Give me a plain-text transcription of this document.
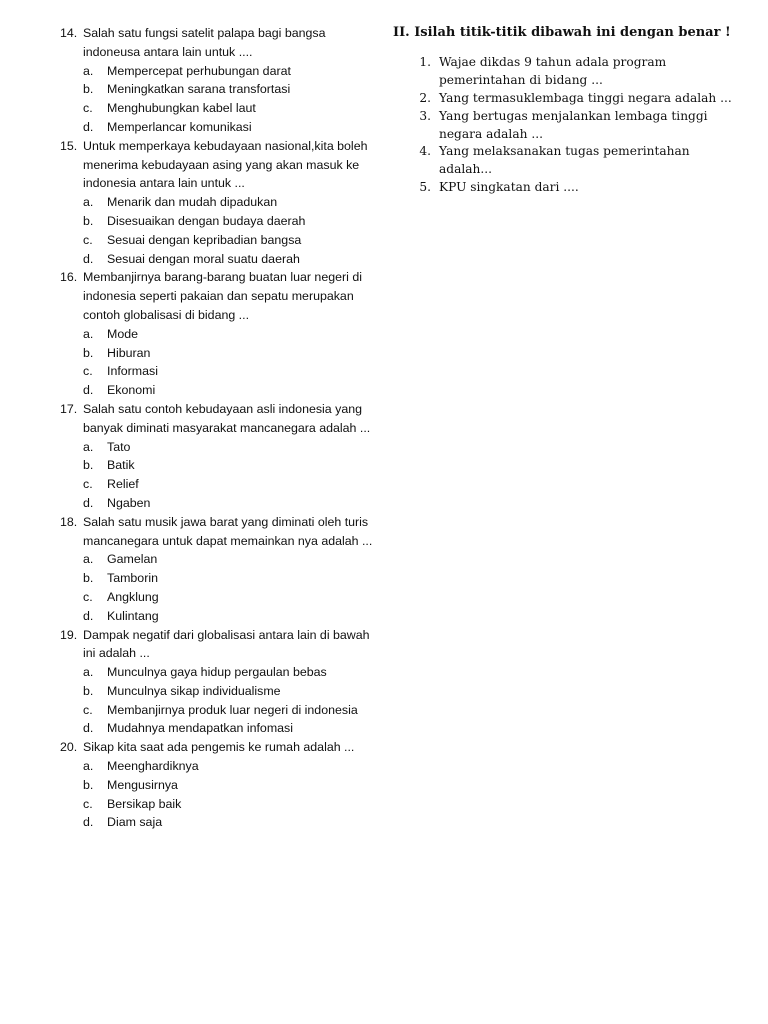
14. Salah satu fungsi satelit palapa bagi bangsa indoneusa antara lain untuk ....
a.	Mempercepat perhubungan darat
b.	Meningkatkan sarana transfortasi
c.	Menghubungkan kabel laut
d.	Memperlancar komunikasi
15. Untuk memperkaya kebudayaan nasional,kita boleh menerima kebudayaan asing yang akan masuk ke indonesia antara lain untuk ...
a.	Menarik dan mudah dipadukan
b.	Disesuaikan dengan budaya daerah
c.	Sesuai dengan kepribadian bangsa
d.	Sesuai dengan moral suatu daerah
16. Membanjirnya barang-barang buatan luar negeri di indonesia seperti pakaian dan sepatu merupakan contoh globalisasi di bidang ...
a.	Mode
b.	Hiburan
c.	Informasi
d.	Ekonomi
17. Salah satu contoh kebudayaan asli indonesia yang banyak diminati masyarakat mancanegara adalah ...
a.	Tato
b.	Batik
c.	Relief
d.	Ngaben
18. Salah satu musik jawa barat yang diminati oleh turis mancanegara untuk dapat memainkan nya adalah ...
a.	Gamelan
b.	Tamborin
c.	Angklung
d.	Kulintang
19. Dampak negatif dari globalisasi antara lain di bawah ini adalah ...
a.	Munculnya gaya hidup pergaulan bebas
b.	Munculnya sikap individualisme
c.	Membanjirnya produk luar negeri di indonesia
d.	Mudahnya mendapatkan infomasi
20. Sikap kita saat ada pengemis ke rumah adalah ...
a.	Meenghardiknya
b.	Mengusirnya
c.	Bersikap baik
d.	Diam saja
II. Isilah titik-titik dibawah ini dengan benar !
1. Wajae dikdas 9 tahun adala program pemerintahan di bidang ...
2. Yang termasuklembaga tinggi negara adalah ...
3. Yang bertugas menjalankan lembaga tinggi negara adalah ...
4. Yang melaksanakan tugas pemerintahan adalah...
5. KPU singkatan dari ....
